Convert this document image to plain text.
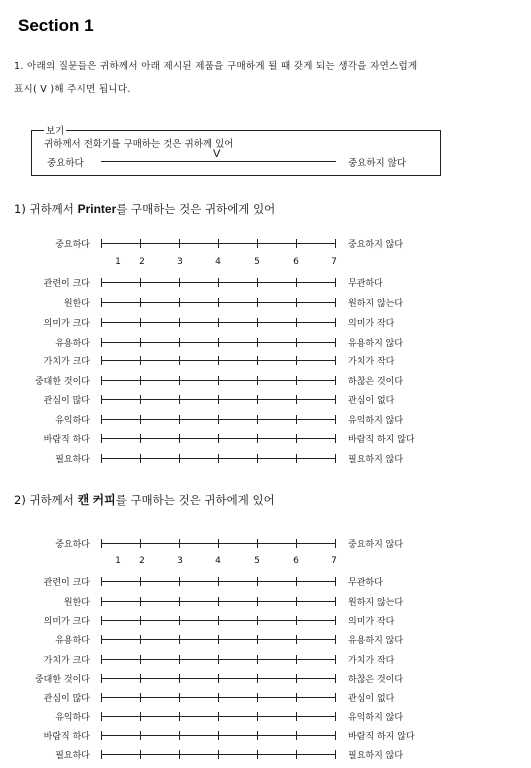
Section 1
1. 아래의 질문들은 귀하께서 아래 제시된 제품을 구매하게 될 때 갖게 되는 생각을 자연스럽게
표시( V )해 주시면 됩니다.
보기
귀하께서 전화기를 구매하는 것은 귀하께 있어
중요하다	중요하지 않다
V
1) 귀하께서 Printer를 구매하는 것은 귀하에게 있어
2) 귀하께서 캔 커피를 구매하는 것은 귀하에게 있어
중요하다	중요하지 않다
1 2	3	4	5	6	7
관련이 크다	무관하다
원한다	원하지 않는다
의미가 크다	의미가 작다
유용하다	유용하지 않다
가치가 크다	가치가 작다
중대한 것이다	하찮은 것이다
관심이 많다	관심이 없다
유익하다	유익하지 않다
바람직 하다	바람직 하지 않다
필요하다	필요하지 않다
중요하다	중요하지 않다
1 2	3	4	5	6	7
관련이 크다	무관하다
원한다	원하지 않는다
의미가 크다	의미가 작다
유용하다	유용하지 않다
가치가 크다	가치가 작다
중대한 것이다	하찮은 것이다
관심이 많다	관심이 없다
유익하다	유익하지 않다
바람직 하다	바람직 하지 않다
필요하다	필요하지 않다
